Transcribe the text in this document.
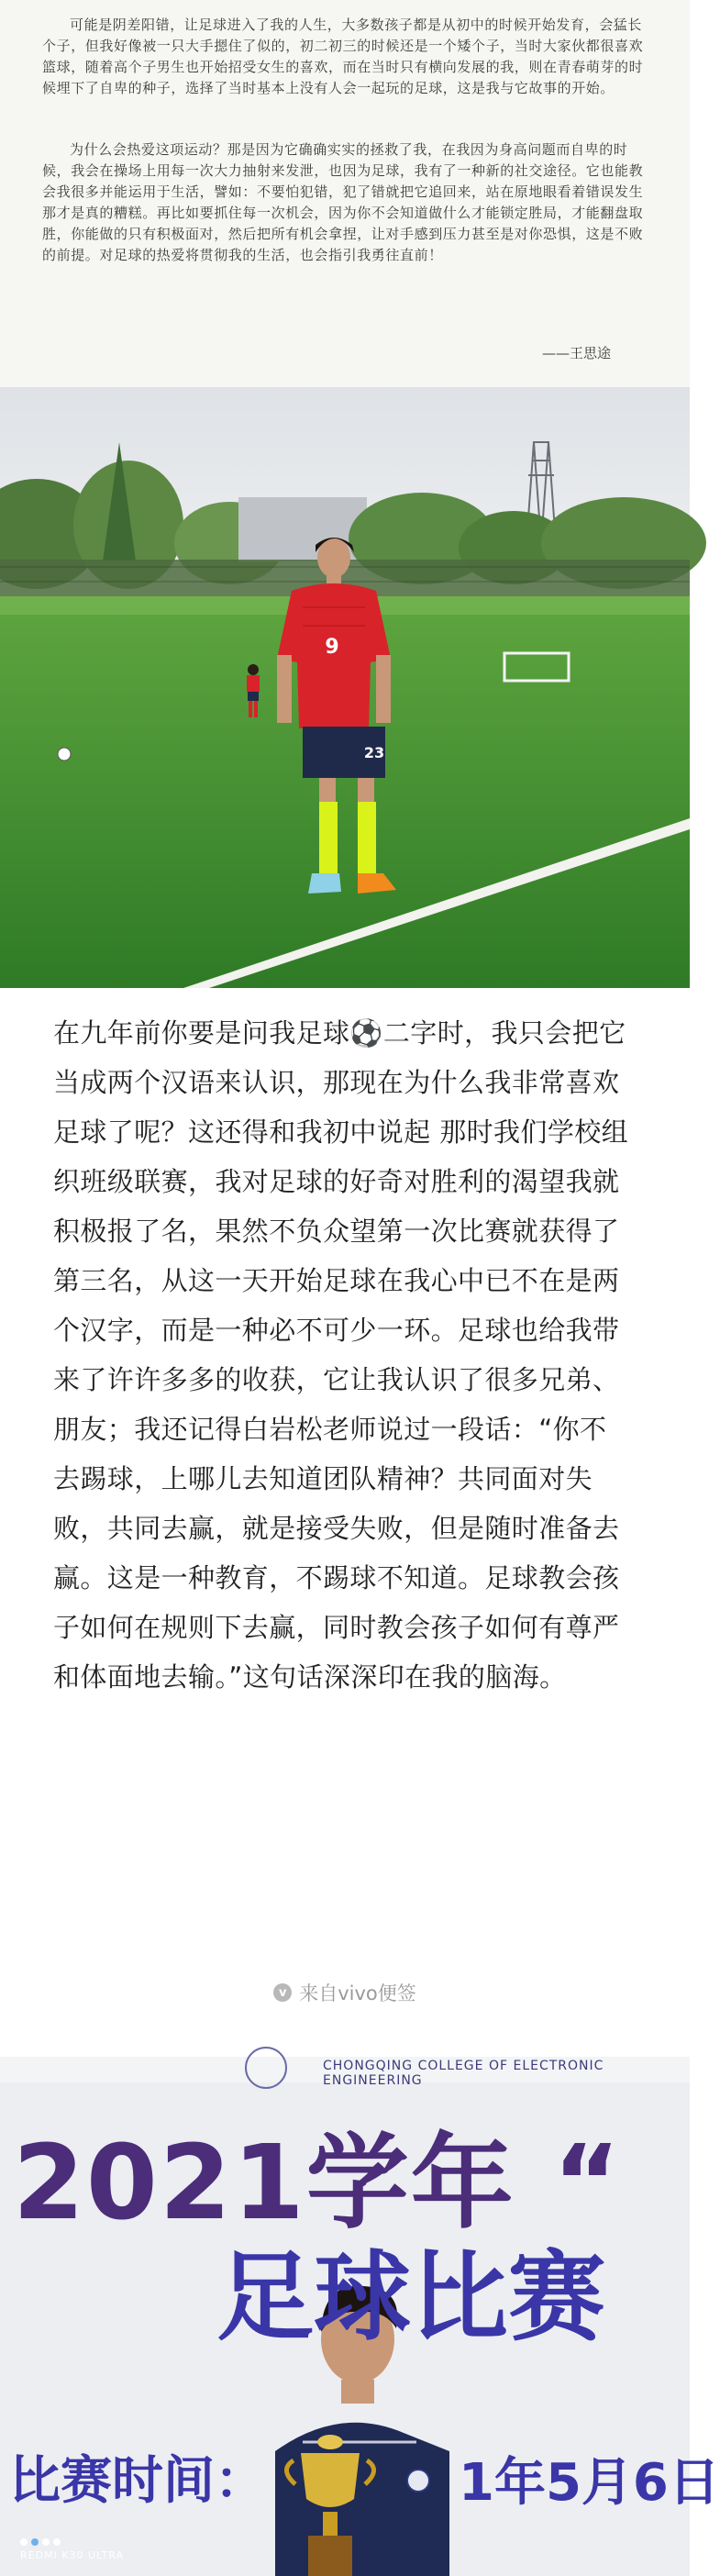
可能是阴差阳错，让足球进入了我的人生，大多数孩子都是从初中的时候开始发育，会猛长个子，但我好像被一只大手摁住了似的，初二初三的时候还是一个矮个子，当时大家伙都很喜欢篮球，随着高个子男生也开始招受女生的喜欢，而在当时只有横向发展的我，则在青春萌芽的时候埋下了自卑的种子，选择了当时基本上没有人会一起玩的足球，这是我与它故事的开始。

为什么会热爱这项运动？那是因为它确确实实的拯救了我，在我因为身高问题而自卑的时候，我会在操场上用每一次大力抽射来发泄，也因为足球，我有了一种新的社交途径。它也能教会我很多并能运用于生活，譬如：不要怕犯错，犯了错就把它追回来，站在原地眼看着错误发生那才是真的糟糕。再比如要抓住每一次机会，因为你不会知道做什么才能锁定胜局，才能翻盘取胜，你能做的只有积极面对，然后把所有机会拿捏，让对手感到压力甚至是对你恐惧，这是不败的前提。对足球的热爱将贯彻我的生活，也会指引我勇往直前！

——王思途
9
23

在九年前你要是问我足球⚽二字时，我只会把它当成两个汉语来认识，那现在为什么我非常喜欢足球了呢？这还得和我初中说起 那时我们学校组织班级联赛，我对足球的好奇对胜利的渴望我就积极报了名，果然不负众望第一次比赛就获得了第三名，从这一天开始足球在我心中已不在是两个汉字，而是一种必不可少一环。足球也给我带来了许许多多的收获，它让我认识了很多兄弟、朋友；我还记得白岩松老师说过一段话：“你不去踢球，上哪儿去知道团队精神？共同面对失败，共同去赢，就是接受失败，但是随时准备去赢。这是一种教育，不踢球不知道。足球教会孩子如何在规则下去赢，同时教会孩子如何有尊严和体面地去输。”这句话深深印在我的脑海。

v 来自vivo便签
CHONGQING COLLEGE OF ELECTRONIC ENGINEERING
2021学年 “
足球比赛
比赛时间：	1年5月6日
REDMI K30 ULTRA
